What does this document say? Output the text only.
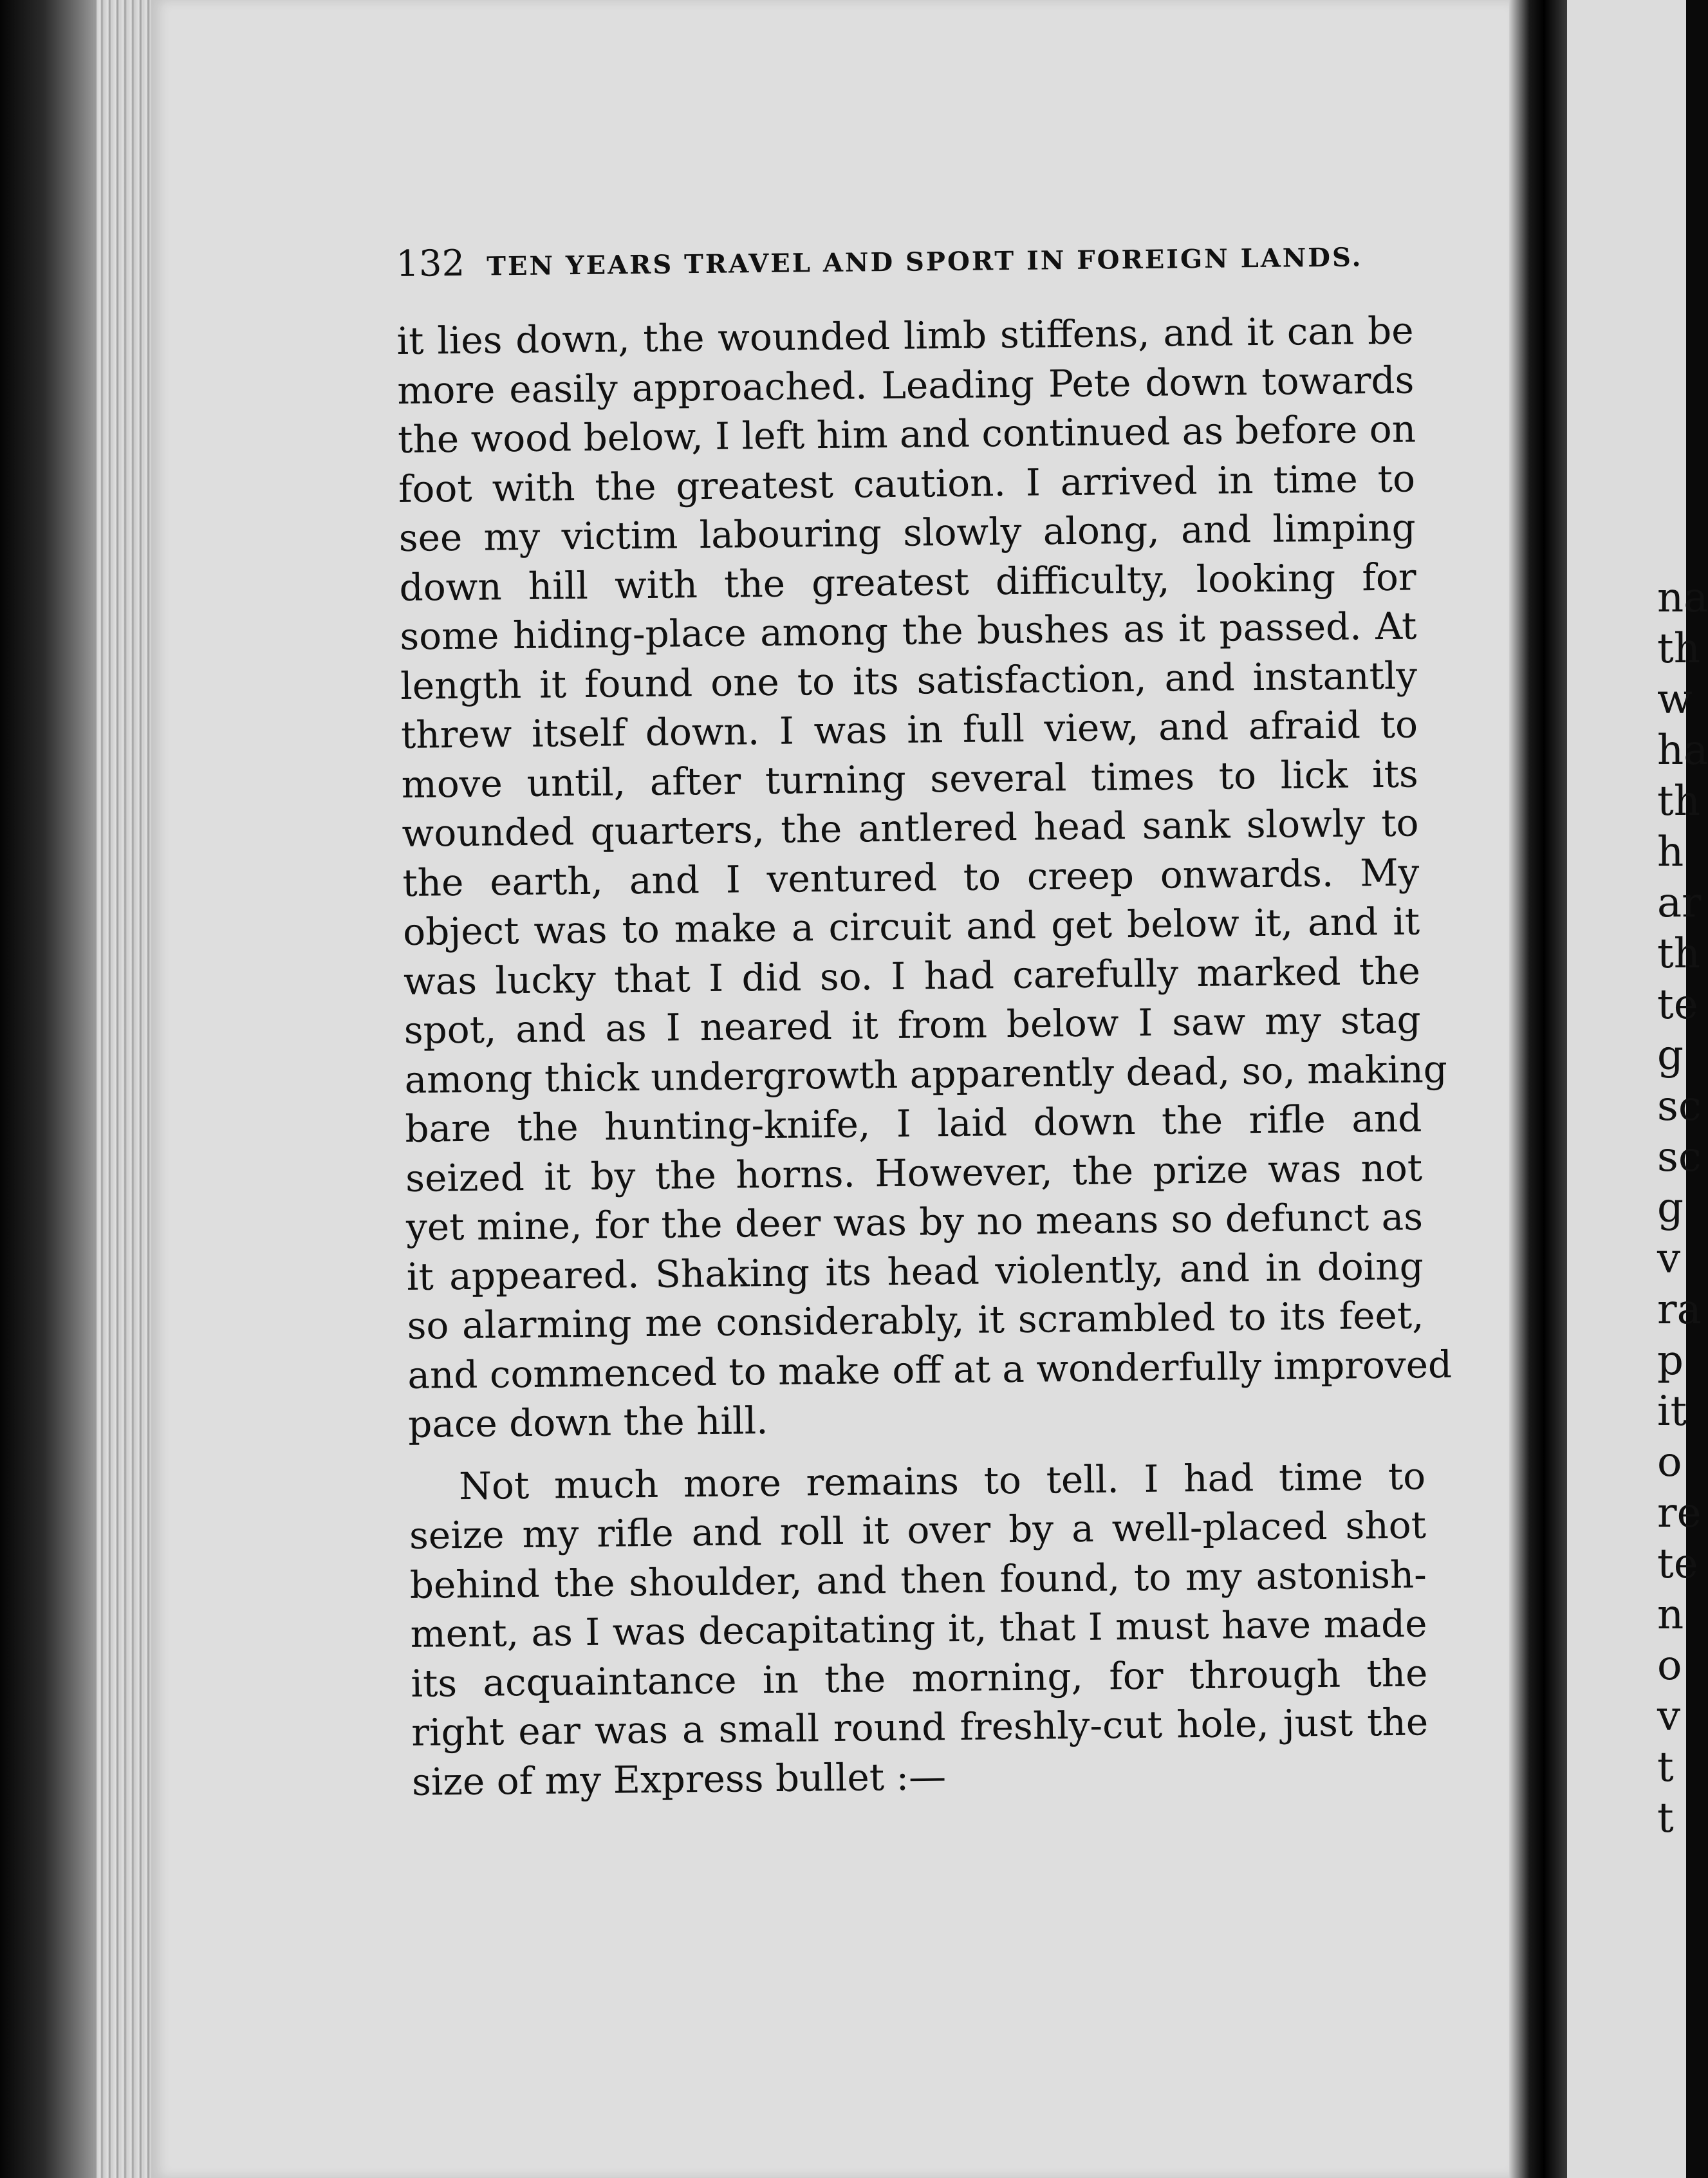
na
th
w
ha
th
h
ar
th
te
g
sc
sc
g
v
ra
p
it
o
re
te
n
o
v
t
t
132 TEN YEARS TRAVEL AND SPORT IN FOREIGN LANDS.
it lies down, the wounded limb stiffens, and it can be
more easily approached. Leading Pete down towards
the wood below, I left him and continued as before on
foot with the greatest caution. I arrived in time to
see my victim labouring slowly along, and limping
down hill with the greatest difficulty, looking for
some hiding-place among the bushes as it passed. At
length it found one to its satisfaction, and instantly
threw itself down. I was in full view, and afraid to
move until, after turning several times to lick its
wounded quarters, the antlered head sank slowly to
the earth, and I ventured to creep onwards. My
object was to make a circuit and get below it, and it
was lucky that I did so. I had carefully marked the
spot, and as I neared it from below I saw my stag
among thick undergrowth apparently dead, so, making
bare the hunting-knife, I laid down the rifle and
seized it by the horns. However, the prize was not
yet mine, for the deer was by no means so defunct as
it appeared. Shaking its head violently, and in doing
so alarming me considerably, it scrambled to its feet,
and commenced to make off at a wonderfully improved
pace down the hill.
Not much more remains to tell. I had time to
seize my rifle and roll it over by a well-placed shot
behind the shoulder, and then found, to my astonish-
ment, as I was decapitating it, that I must have made
its acquaintance in the morning, for through the
right ear was a small round freshly-cut hole, just the
size of my Express bullet :—
